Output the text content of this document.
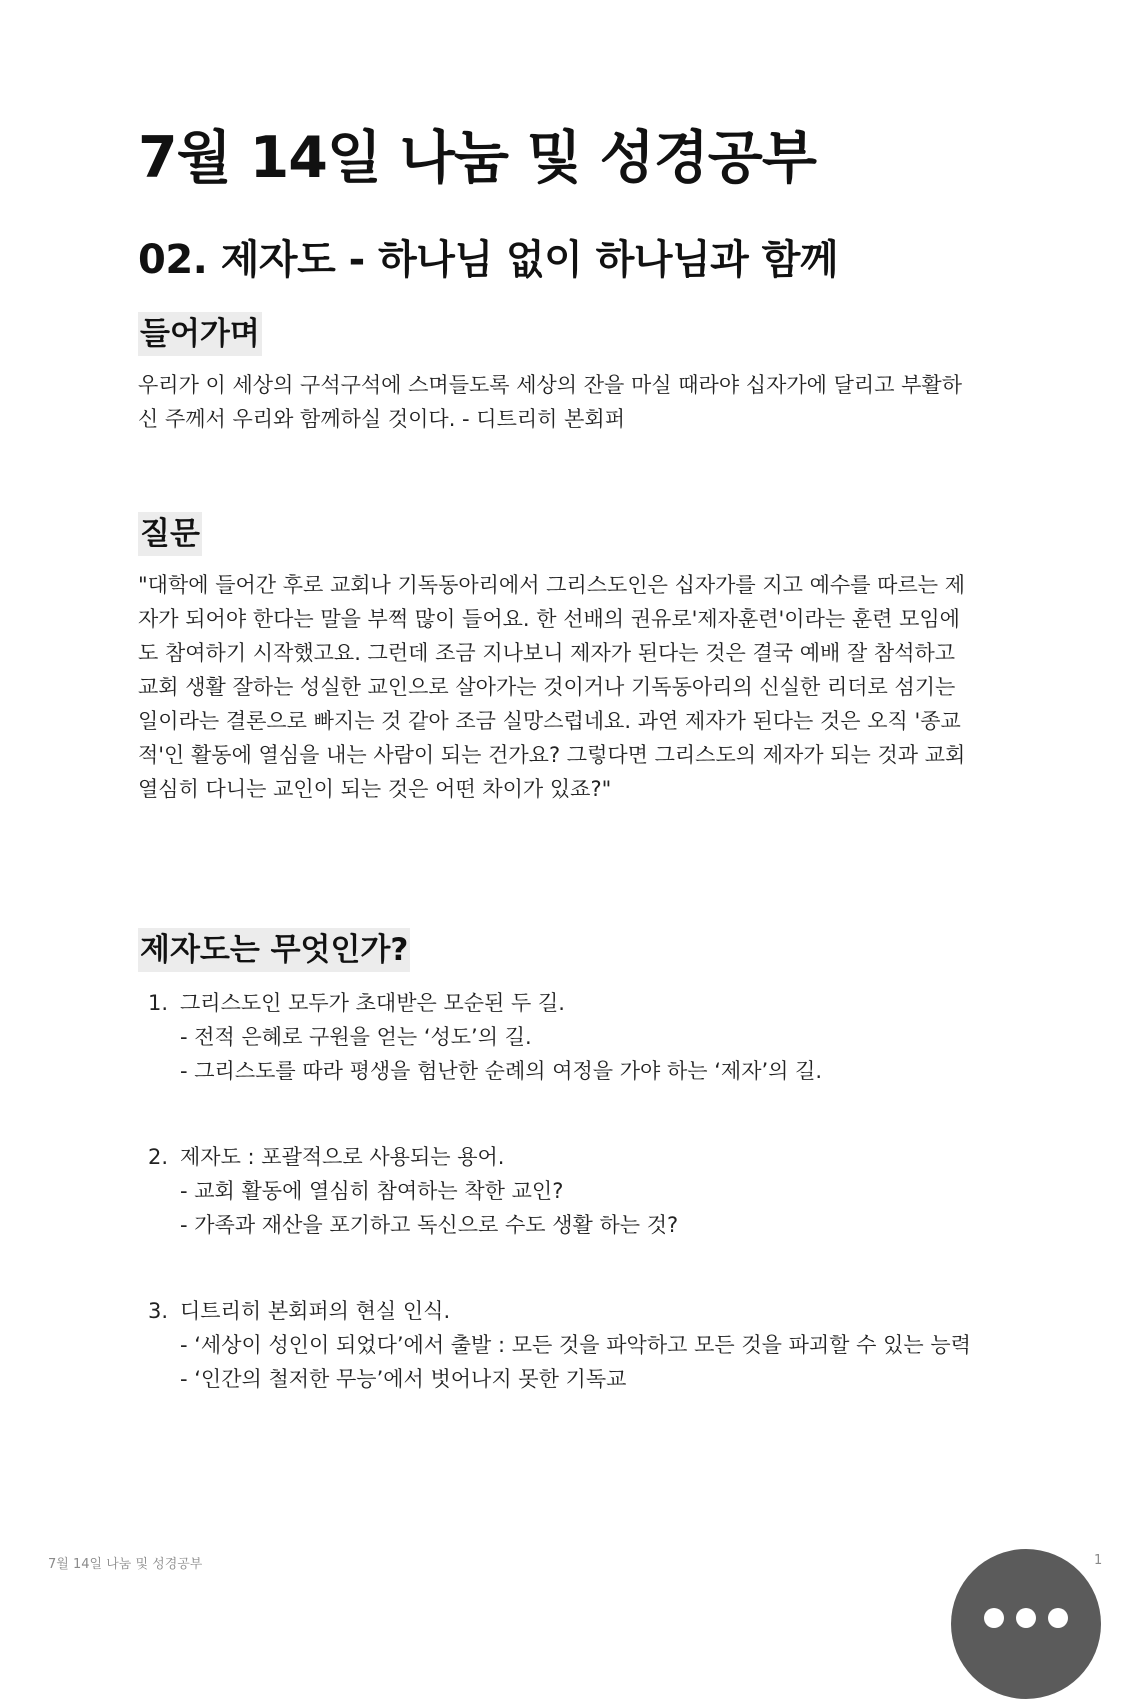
7월 14일 나눔 및 성경공부
02. 제자도 - 하나님 없이 하나님과 함께
들어가며

우리가 이 세상의 구석구석에 스며들도록 세상의 잔을 마실 때라야 십자가에 달리고 부활하
신 주께서 우리와 함께하실 것이다. - 디트리히 본회퍼

질문

"대학에 들어간 후로 교회나 기독동아리에서 그리스도인은 십자가를 지고 예수를 따르는 제
자가 되어야 한다는 말을 부쩍 많이 들어요. 한 선배의 권유로'제자훈련'이라는 훈련 모임에
도 참여하기 시작했고요. 그런데 조금 지나보니 제자가 된다는 것은 결국 예배 잘 참석하고
교회 생활 잘하는 성실한 교인으로 살아가는 것이거나 기독동아리의 신실한 리더로 섬기는
일이라는 결론으로 빠지는 것 같아 조금 실망스럽네요. 과연 제자가 된다는 것은 오직 '종교
적'인 활동에 열심을 내는 사람이 되는 건가요? 그렇다면 그리스도의 제자가 되는 것과 교회
열심히 다니는 교인이 되는 것은 어떤 차이가 있죠?"

제자도는 무엇인가?
1. 그리스도인 모두가 초대받은 모순된 두 길.
- 전적 은혜로 구원을 얻는 ‘성도’의 길.
- 그리스도를 따라 평생을 험난한 순례의 여정을 가야 하는 ‘제자’의 길.
2. 제자도 : 포괄적으로 사용되는 용어.
- 교회 활동에 열심히 참여하는 착한 교인?
- 가족과 재산을 포기하고 독신으로 수도 생활 하는 것?
3. 디트리히 본회퍼의 현실 인식.
- ‘세상이 성인이 되었다’에서 출발 : 모든 것을 파악하고 모든 것을 파괴할 수 있는 능력
- ‘인간의 철저한 무능’에서 벗어나지 못한 기독교
7월 14일 나눔 및 성경공부	1
